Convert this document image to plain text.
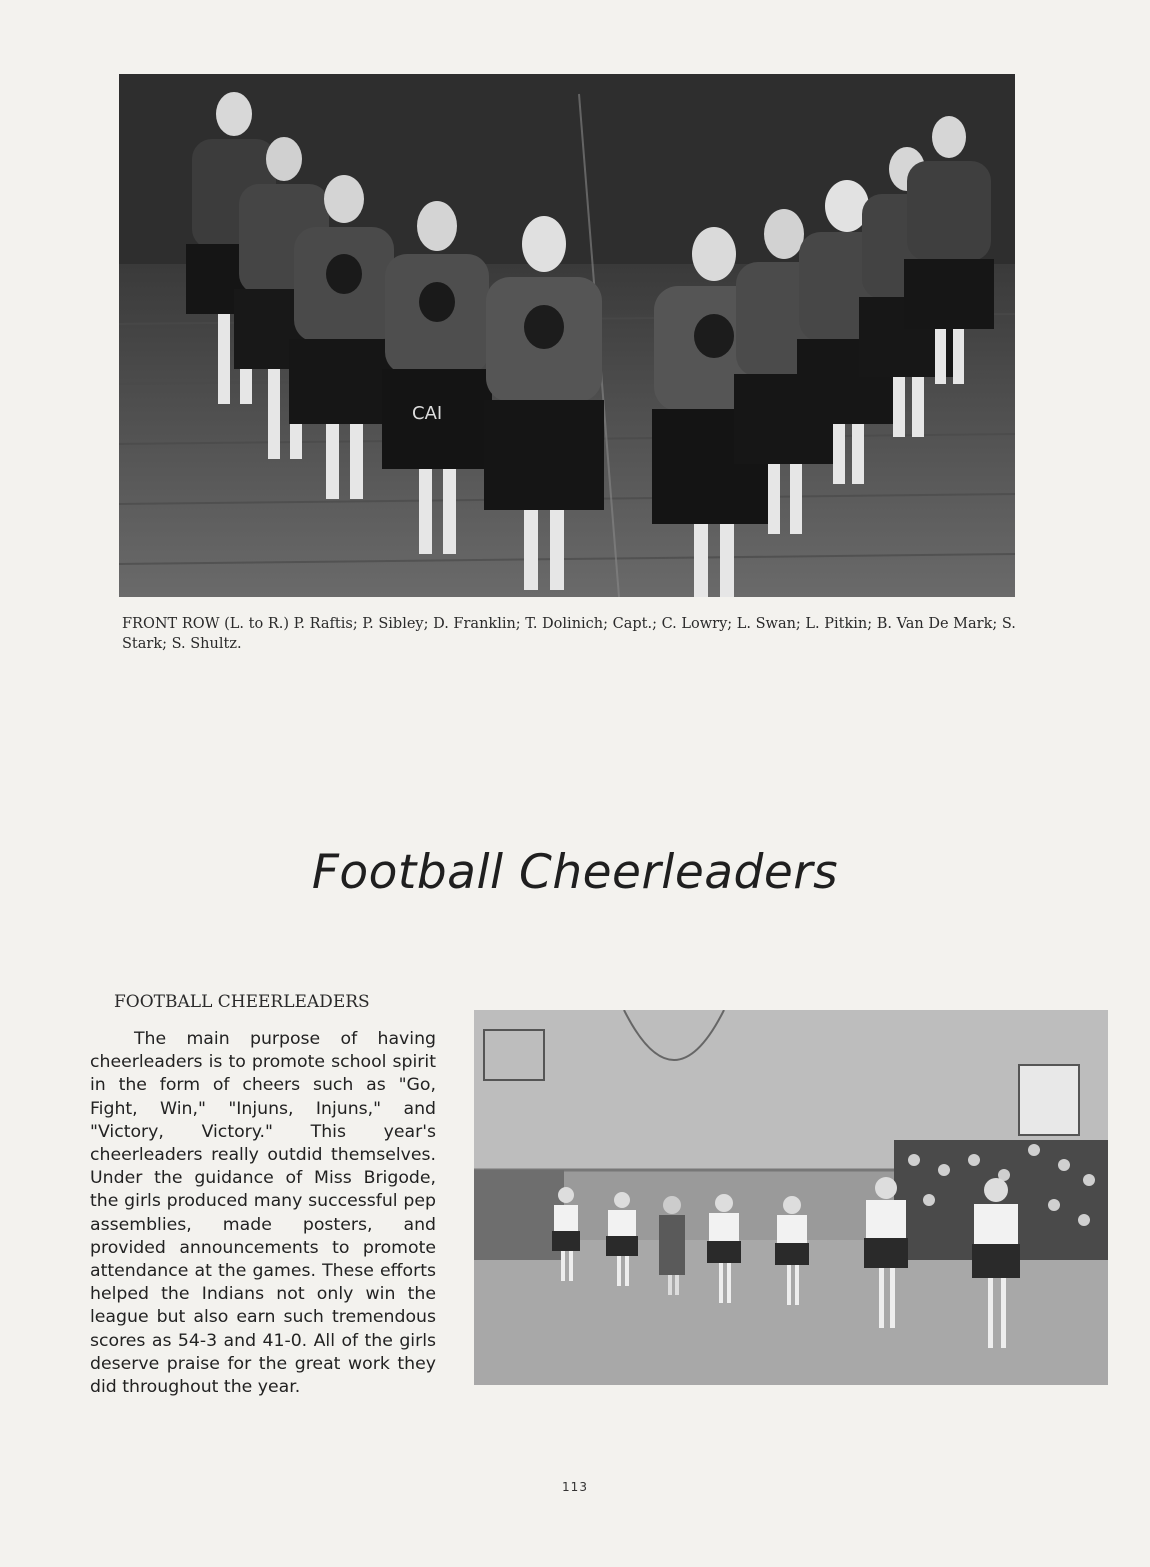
CAI
FRONT ROW (L. to R.) P. Raftis; P. Sibley; D. Franklin; T. Dolinich; Capt.; C. Lowry; L. Swan; L. Pitkin; B. Van De Mark; S. Stark; S. Shultz.
Football Cheerleaders
FOOTBALL CHEERLEADERS
The main purpose of having cheerleaders is to promote school spirit in the form of cheers such as "Go, Fight, Win," "Injuns, Injuns," and "Victory, Victory." This year's cheerleaders really outdid themselves. Under the guidance of Miss Brigode, the girls produced many successful pep assemblies, made posters, and provided announcements to promote attendance at the games. These efforts helped the Indians not only win the league but also earn such tremendous scores as 54-3 and 41-0. All of the girls deserve praise for the great work they did throughout the year.
113
